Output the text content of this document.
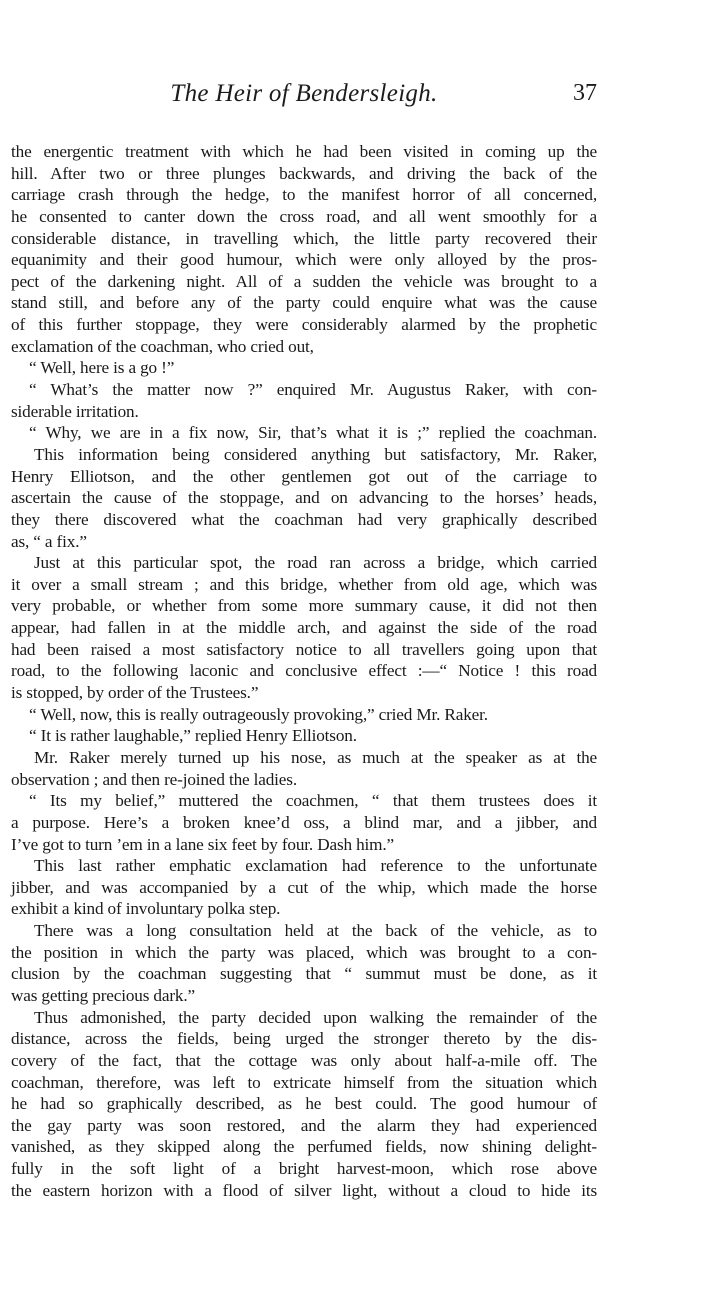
The Heir of Bendersleigh.	37
the energentic treatment with which he had been visited in coming up the
hill. After two or three plunges backwards, and driving the back of the
carriage crash through the hedge, to the manifest horror of all concerned,
he consented to canter down the cross road, and all went smoothly for a
considerable distance, in travelling which, the little party recovered their
equanimity and their good humour, which were only alloyed by the pros-
pect of the darkening night. All of a sudden the vehicle was brought to a
stand still, and before any of the party could enquire what was the cause
of this further stoppage, they were considerably alarmed by the prophetic
exclamation of the coachman, who cried out,
“ Well, here is a go !”
“ What’s the matter now ?” enquired Mr. Augustus Raker, with con-
siderable irritation.
“ Why, we are in a fix now, Sir, that’s what it is ;” replied the coachman.
This information being considered anything but satisfactory, Mr. Raker,
Henry Elliotson, and the other gentlemen got out of the carriage to
ascertain the cause of the stoppage, and on advancing to the horses’ heads,
they there discovered what the coachman had very graphically described
as, “ a fix.”
Just at this particular spot, the road ran across a bridge, which carried
it over a small stream ; and this bridge, whether from old age, which was
very probable, or whether from some more summary cause, it did not then
appear, had fallen in at the middle arch, and against the side of the road
had been raised a most satisfactory notice to all travellers going upon that
road, to the following laconic and conclusive effect :—“ Notice ! this road
is stopped, by order of the Trustees.”
“ Well, now, this is really outrageously provoking,” cried Mr. Raker.
“ It is rather laughable,” replied Henry Elliotson.
Mr. Raker merely turned up his nose, as much at the speaker as at the
observation ; and then re-joined the ladies.
“ Its my belief,” muttered the coachmen, “ that them trustees does it
a purpose. Here’s a broken knee’d oss, a blind mar, and a jibber, and
I’ve got to turn ’em in a lane six feet by four. Dash him.”
This last rather emphatic exclamation had reference to the unfortunate
jibber, and was accompanied by a cut of the whip, which made the horse
exhibit a kind of involuntary polka step.
There was a long consultation held at the back of the vehicle, as to
the position in which the party was placed, which was brought to a con-
clusion by the coachman suggesting that “ summut must be done, as it
was getting precious dark.”
Thus admonished, the party decided upon walking the remainder of the
distance, across the fields, being urged the stronger thereto by the dis-
covery of the fact, that the cottage was only about half-a-mile off. The
coachman, therefore, was left to extricate himself from the situation which
he had so graphically described, as he best could. The good humour of
the gay party was soon restored, and the alarm they had experienced
vanished, as they skipped along the perfumed fields, now shining delight-
fully in the soft light of a bright harvest-moon, which rose above
the eastern horizon with a flood of silver light, without a cloud to hide its
